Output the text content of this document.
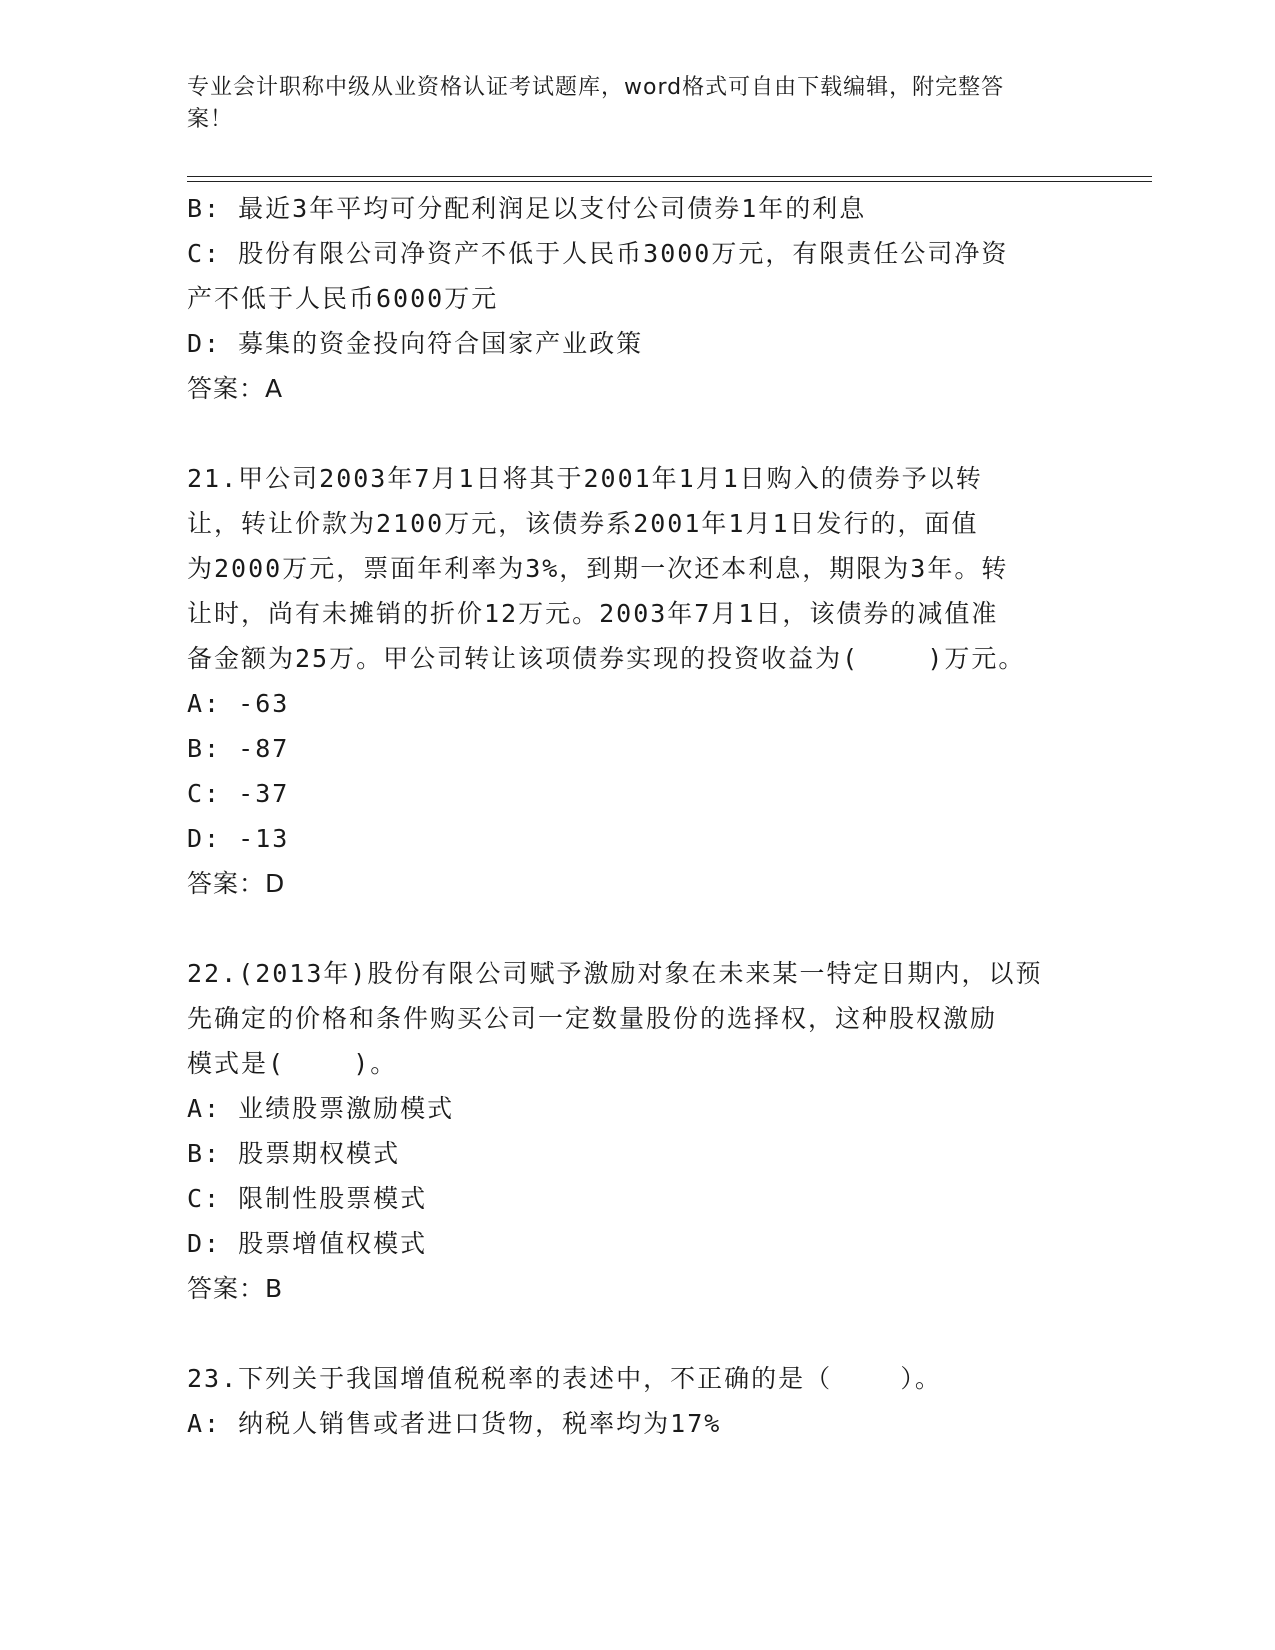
专业会计职称中级从业资格认证考试题库，word格式可自由下载编辑，附完整答
案！

B: 最近3年平均可分配利润足以支付公司债券1年的利息

C: 股份有限公司净资产不低于人民币3000万元，有限责任公司净资

产不低于人民币6000万元

D: 募集的资金投向符合国家产业政策

答案：A

21.甲公司2003年7月1日将其于2001年1月1日购入的债券予以转

让，转让价款为2100万元，该债券系2001年1月1日发行的，面值

为2000万元，票面年利率为3%，到期一次还本利息，期限为3年。转

让时，尚有未摊销的折价12万元。2003年7月1日，该债券的减值准

备金额为25万。甲公司转让该项债券实现的投资收益为(    )万元。

A: -63

B: -87

C: -37

D: -13

答案：D

22.(2013年)股份有限公司赋予激励对象在未来某一特定日期内，以预

先确定的价格和条件购买公司一定数量股份的选择权，这种股权激励

模式是(    )。

A: 业绩股票激励模式

B: 股票期权模式

C: 限制性股票模式

D: 股票增值权模式

答案：B

23.下列关于我国增值税税率的表述中，不正确的是（    ）。

A: 纳税人销售或者进口货物，税率均为17%
